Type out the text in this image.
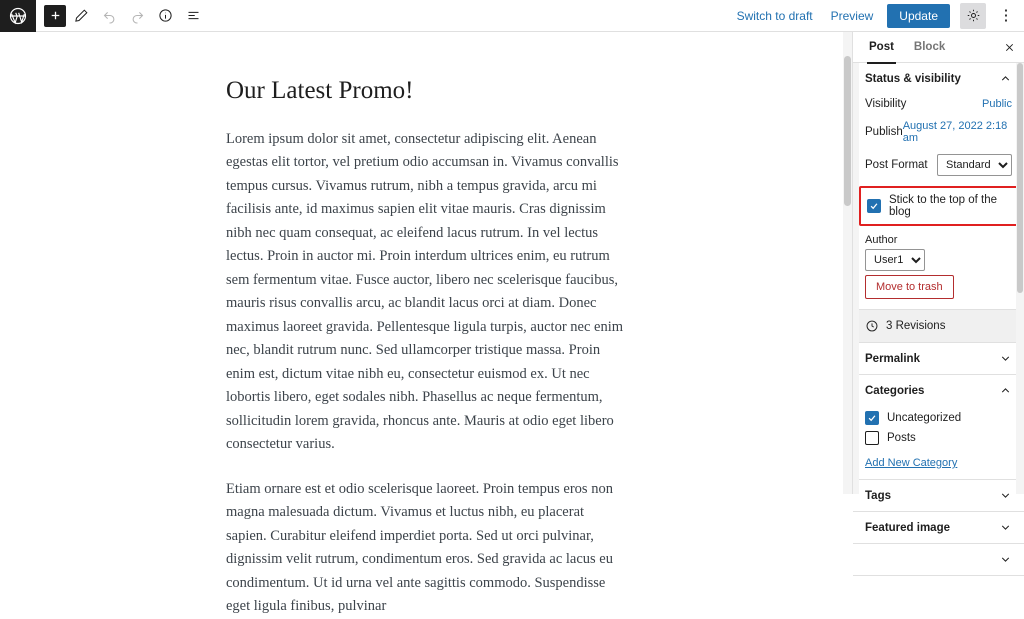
Switch to draft	Preview	Update	⋮
Our Latest Promo!

Lorem ipsum dolor sit amet, consectetur adipiscing elit. Aenean egestas elit tortor, vel pretium odio accumsan in. Vivamus convallis tempus cursus. Vivamus rutrum, nibh a tempus gravida, arcu mi facilisis ante, id maximus sapien elit vitae mauris. Cras dignissim nibh nec quam consequat, ac eleifend lacus rutrum. In vel lectus lectus. Proin in auctor mi. Proin interdum ultrices enim, eu rutrum sem fermentum vitae. Fusce auctor, libero nec scelerisque faucibus, mauris risus convallis arcu, ac blandit lacus orci at diam. Donec maximus laoreet gravida. Pellentesque ligula turpis, auctor nec enim nec, blandit rutrum nunc. Sed ullamcorper tristique massa. Proin enim est, dictum vitae nibh eu, consectetur euismod ex. Ut nec lobortis libero, eget sodales nibh. Phasellus ac neque fermentum, sollicitudin lorem gravida, rhoncus ante. Mauris at odio eget libero consectetur varius.

Etiam ornare est et odio scelerisque laoreet. Proin tempus eros non magna malesuada dictum. Vivamus et luctus nibh, eu placerat sapien. Curabitur eleifend imperdiet porta. Sed ut orci pulvinar, dignissim velit rutrum, condimentum eros. Sed gravida ac lacus eu condimentum. Ut id urna vel ante sagittis commodo. Suspendisse eget ligula finibus, pulvinar

Post	Block
Status & visibility
Visibility	Public
Publish August 27, 2022 2:18 am
Post Format
Standard
Stick to the top of the blog
Author
User1
Move to trash
3 Revisions
Permalink
Categories
Uncategorized
Posts
Add New Category
Tags
Featured image
